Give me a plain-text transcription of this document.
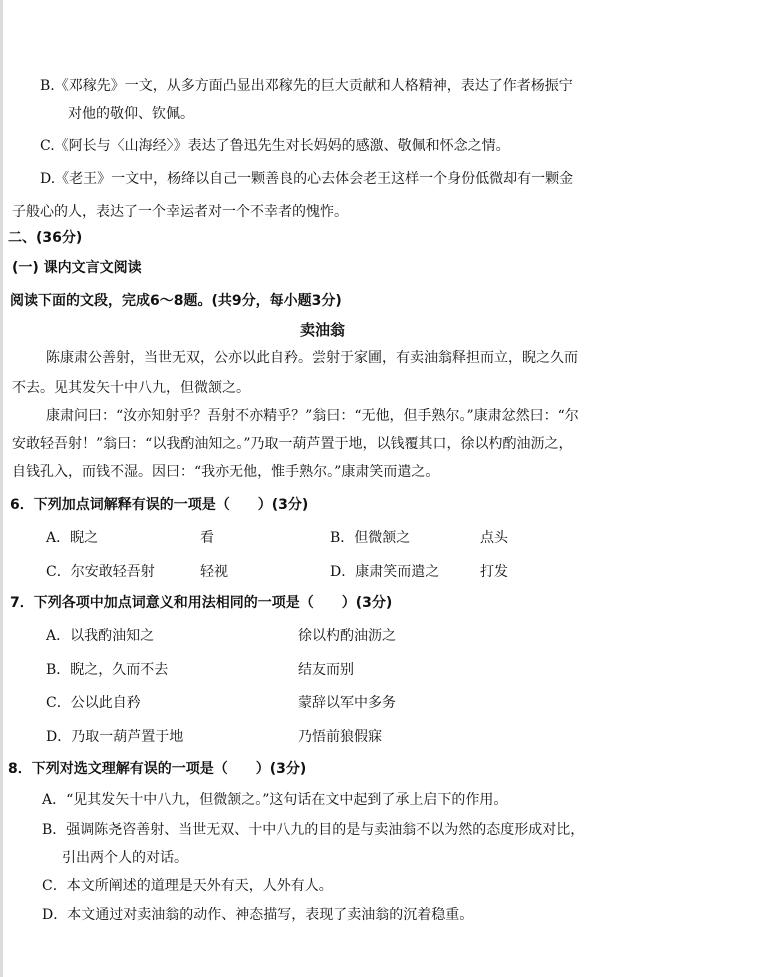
B.《邓稼先》一文，从多方面凸显出邓稼先的巨大贡献和人格精神，表达了作者杨振宁
对他的敬仰、钦佩。
C.《阿长与〈山海经〉》表达了鲁迅先生对长妈妈的感激、敬佩和怀念之情。
D.《老王》一文中，杨绛以自己一颗善良的心去体会老王这样一个身份低微却有一颗金
子般心的人，表达了一个幸运者对一个不幸者的愧怍。
二、(36分)
(一) 课内文言文阅读
阅读下面的文段，完成6～8题。(共9分，每小题3分)
卖油翁
陈康肃公善射，当世无双，公亦以此自矜。尝射于家圃，有卖油翁释担而立，睨之久而
不去。见其发矢十中八九，但微颔之。
康肃问曰：“汝亦知射乎？吾射不亦精乎？”翁曰：“无他，但手熟尔。”康肃忿然曰：“尔
安敢轻吾射！”翁曰：“以我酌油知之。”乃取一葫芦置于地，以钱覆其口，徐以杓酌油沥之，
自钱孔入，而钱不湿。因曰：“我亦无他，惟手熟尔。”康肃笑而遣之。
6．下列加点词解释有误的一项是（　　）(3分)
A．睨之	看	B．但微颔之	点头
C．尔安敢轻吾射	轻视	D．康肃笑而遣之	打发
7．下列各项中加点词意义和用法相同的一项是（　　）(3分)
A．以我酌油知之	徐以杓酌油沥之
B．睨之，久而不去	结友而别
C．公以此自矜	蒙辞以军中多务
D．乃取一葫芦置于地	乃悟前狼假寐
8．下列对选文理解有误的一项是（　　）(3分)
A．“见其发矢十中八九，但微颔之。”这句话在文中起到了承上启下的作用。
B．强调陈尧咨善射、当世无双、十中八九的目的是与卖油翁不以为然的态度形成对比，
引出两个人的对话。
C．本文所阐述的道理是天外有天，人外有人。
D．本文通过对卖油翁的动作、神态描写，表现了卖油翁的沉着稳重。
